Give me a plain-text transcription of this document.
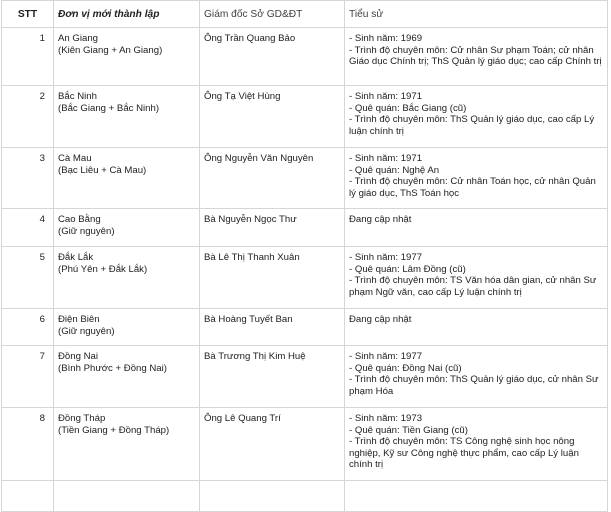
STT	Đơn vị mới thành lập	Giám đốc Sở GD&ĐT	Tiểu sử
1	An Giang
(Kiên Giang + An Giang)	Ông Trần Quang Bảo	- Sinh năm: 1969
- Trình độ chuyên môn: Cử nhân Sư phạm Toán; cử nhân Giáo dục Chính trị; ThS Quản lý giáo dục; cao cấp Chính trị

2	Bắc Ninh
(Bắc Giang + Bắc Ninh)	Ông Tạ Việt Hùng	- Sinh năm: 1971
- Quê quán: Bắc Giang (cũ)
- Trình độ chuyên môn: ThS Quản lý giáo dục, cao cấp Lý luận chính trị

3	Cà Mau
(Bạc Liêu + Cà Mau)	Ông Nguyễn Văn Nguyên	- Sinh năm: 1971
- Quê quán: Nghệ An
- Trình độ chuyên môn: Cử nhân Toán học, cử nhân Quản lý giáo dục, ThS Toán học

4	Cao Bằng
(Giữ nguyên)	Bà Nguyễn Ngọc Thư	Đang cập nhật

5	Đắk Lắk
(Phú Yên + Đắk Lắk)	Bà Lê Thị Thanh Xuân	- Sinh năm: 1977
- Quê quán: Lâm Đồng (cũ)
- Trình độ chuyên môn: TS Văn hóa dân gian, cử nhân Sư phạm Ngữ văn, cao cấp Lý luận chính trị

6	Điện Biên
(Giữ nguyên)	Bà Hoàng Tuyết Ban	Đang cập nhật

7	Đồng Nai
(Bình Phước + Đồng Nai)	Bà Trương Thị Kim Huệ	- Sinh năm: 1977
- Quê quán: Đồng Nai (cũ)
- Trình độ chuyên môn: ThS Quản lý giáo dục, cử nhân Sư phạm Hóa

8	Đồng Tháp
(Tiền Giang + Đồng Tháp)	Ông Lê Quang Trí	- Sinh năm: 1973
- Quê quán: Tiền Giang (cũ)
- Trình độ chuyên môn: TS Công nghệ sinh học nông nghiệp, Kỹ sư Công nghệ thực phẩm, cao cấp Lý luận chính trị
